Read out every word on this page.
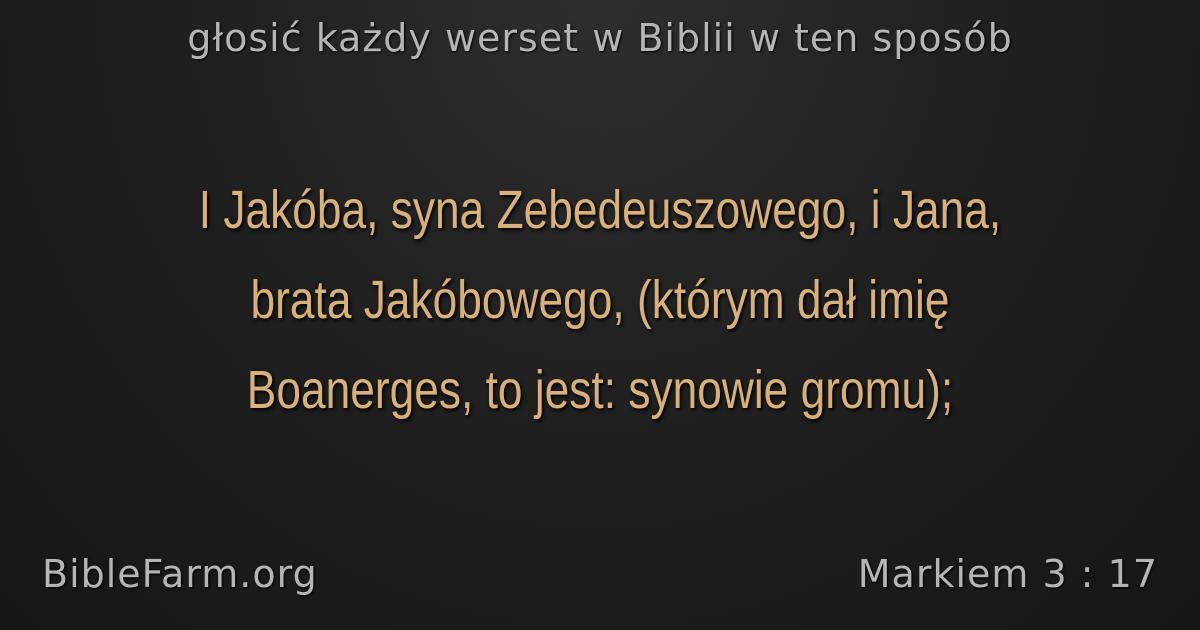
głosić każdy werset w Biblii w ten sposób
I Jakóba, syna Zebedeuszowego, i Jana,
brata Jakóbowego, (którym dał imię
Boanerges, to jest: synowie gromu);
BibleFarm.org	Markiem 3 : 17
